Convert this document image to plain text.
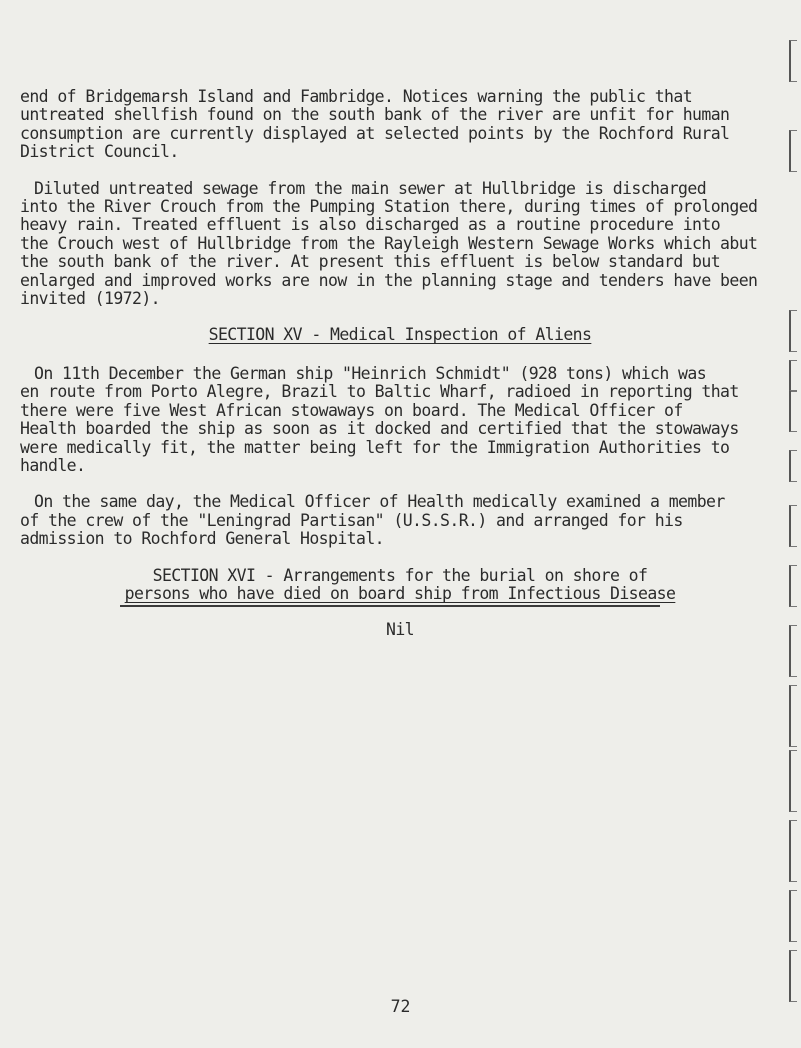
end of Bridgemarsh Island and Fambridge. Notices warning the public that
untreated shellfish found on the south bank of the river are unfit for human
consumption are currently displayed at selected points by the Rochford Rural
District Council.

Diluted untreated sewage from the main sewer at Hullbridge is discharged
into the River Crouch from the Pumping Station there, during times of prolonged
heavy rain. Treated effluent is also discharged as a routine procedure into
the Crouch west of Hullbridge from the Rayleigh Western Sewage Works which abut
the south bank of the river. At present this effluent is below standard but
enlarged and improved works are now in the planning stage and tenders have been
invited (1972).

SECTION XV - Medical Inspection of Aliens

On 11th December the German ship "Heinrich Schmidt" (928 tons) which was
en route from Porto Alegre, Brazil to Baltic Wharf, radioed in reporting that
there were five West African stowaways on board. The Medical Officer of
Health boarded the ship as soon as it docked and certified that the stowaways
were medically fit, the matter being left for the Immigration Authorities to
handle.

On the same day, the Medical Officer of Health medically examined a member
of the crew of the "Leningrad Partisan" (U.S.S.R.) and arranged for his
admission to Rochford General Hospital.

SECTION XVI - Arrangements for the burial on shore of

persons who have died on board ship from Infectious Disease

Nil

72
